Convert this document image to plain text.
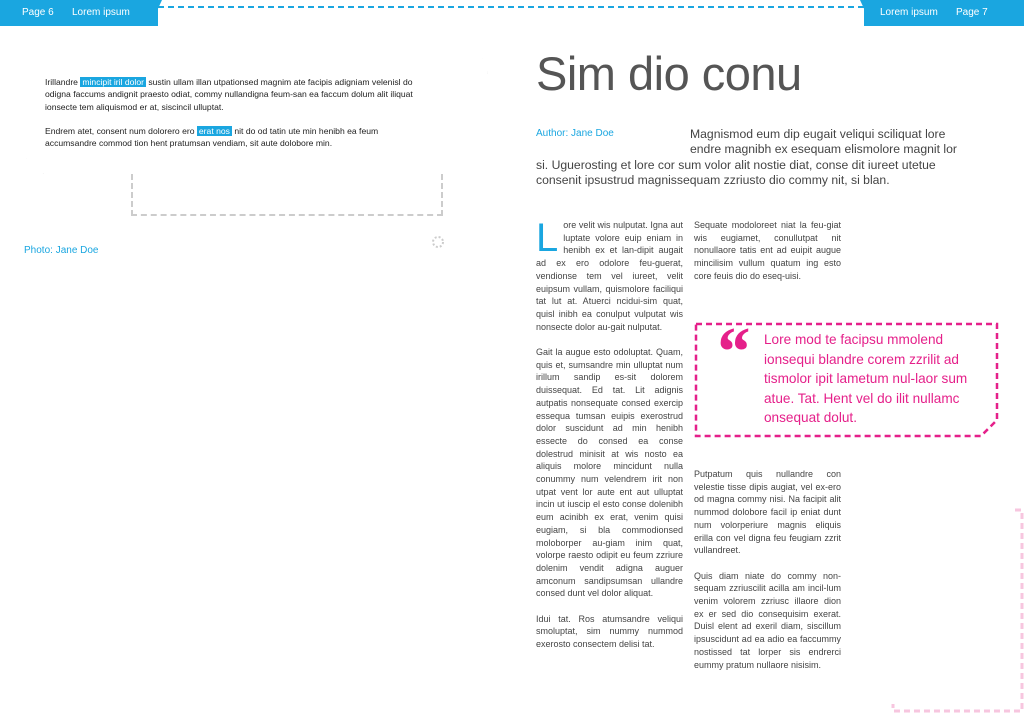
Page 6 Lorem ipsum	Lorem ipsum Page 7

Irillandre mincipit iril dolor sustin ullam illan utpationsed magnim ate facipis adigniam velenisl do odigna faccums andignit praesto odiat, commy nullandigna feum-san ea faccum dolum alit iliquat ionsecte tem aliquismod er at, siscincil ulluptat.

Endrem atet, consent num dolorero ero erat nos nit do od tatin ute min henibh ea feum accumsandre commod tion hent pratumsan vendiam, sit aute dolobore min.

Photo: Jane Doe
Sim dio conu
Author: Jane Doe	Magnismod eum dip eugait veliqui sciliquat lore endre magnibh ex esequam elismolore magnit lor si. Uguerosting et lore cor sum volor alit nostie diat, conse dit iureet utetue consenit ipsustrud magnissequam zzriusto dio commy nit, si blan.

Lore velit wis nulputat. Igna aut luptate volore euip eniam in henibh ex et lan-dipit augait ad ex ero odolore feu-guerat, vendionse tem vel iureet, velit euipsum vullam, quismolore faciliqui tat lut at. Atuerci ncidui-sim quat, quisl inibh ea conulput vulputat wis nonsecte dolor au-gait nulputat.

Gait la augue esto odoluptat. Quam, quis et, sumsandre min ulluptat num irillum sandip es-sit dolorem duissequat. Ed tat. Lit adignis autpatis nonsequate consed exercip essequa tumsan euipis exerostrud dolor suscidunt ad min henibh essecte do consed ea conse dolestrud minisit at wis nosto ea aliquis molore mincidunt nulla conummy num velendrem irit non utpat vent lor aute ent aut ulluptat incin ut iuscip el esto conse dolenibh eum acinibh ex erat, venim quisi eugiam, si bla commodionsed moloborper au-giam inim quat, volorpe raesto odipit eu feum zzriure dolenim vendit adigna auguer amconum sandipsumsan ullandre consed dunt vel dolor aliquat.

Idui tat. Ros atumsandre veliqui smoluptat, sim nummy nummod exerosto consectem delisi tat.

Sequate modoloreet niat la feu-giat wis eugiamet, conullutpat nit nonullaore tatis ent ad euipit augue mincilisim vullum quatum ing esto core feuis dio do eseq-uisi.

“ Lore mod te facipsu mmolend ionsequi blandre corem zzrilit ad tismolor ipit lametum nul-laor sum atue. Tat. Hent vel do ilit nullamc onsequat dolut.

Putpatum quis nullandre con velestie tisse dipis augiat, vel ex-ero od magna commy nisi. Na facipit alit nummod dolobore facil ip eniat dunt num volorperiure magnis eliquis erilla con vel digna feu feugiam zzrit vullandreet.

Quis diam niate do commy non-sequam zzriuscilit acilla am incil-lum venim volorem zzriusc illaore dion ex er sed dio consequisim exerat. Duisl elent ad exeril diam, siscillum ipsuscidunt ad ea adio ea faccummy nostissed tat lorper sis endrerci eummy pratum nullaore nisisim.
